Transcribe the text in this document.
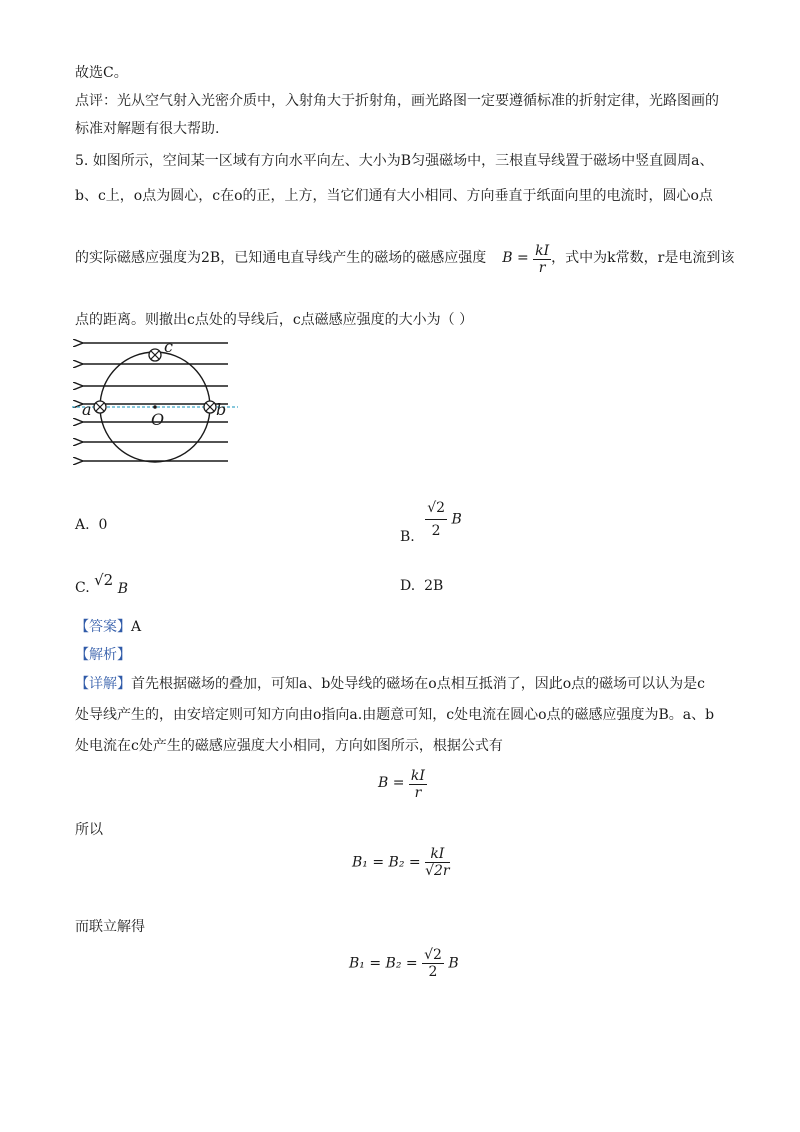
故选C。
点评：光从空气射入光密介质中，入射角大于折射角，画光路图一定要遵循标准的折射定律，光路图画的
标准对解题有很大帮助.
5. 如图所示，空间某一区域有方向水平向左、大小为B匀强磁场中，三根直导线置于磁场中竖直圆周a、
b、c上，o点为圆心，c在o的正，上方，当它们通有大小相同、方向垂直于纸面向里的电流时，圆心o点
的实际磁感应强度为2B，已知通电直导线产生的磁场的磁感应强度 $B = \frac{kI}{r}$ ，式中为k常数，r是电流到该
点的距离。则撤出c点处的导线后，c点磁感应强度的大小为（ ）
c
a	b
O
A. 0
B. $\frac{√2}{2}$ B
C. √2 B	D. 2B
【答案】A
【解析】
【详解】首先根据磁场的叠加，可知a、b处导线的磁场在o点相互抵消了，因此o点的磁场可以认为是c
处导线产生的，由安培定则可知方向由o指向a.由题意可知，c处电流在圆心o点的磁感应强度为B。a、b
处电流在c处产生的磁感应强度大小相同，方向如图所示，根据公式有
$B = \frac{kI}{r}$
所以
$B_1 = B_2 = \frac{kI}{√2r}$
而联立解得
$B_1 = B_2 = \frac{√2}{2}$ B
